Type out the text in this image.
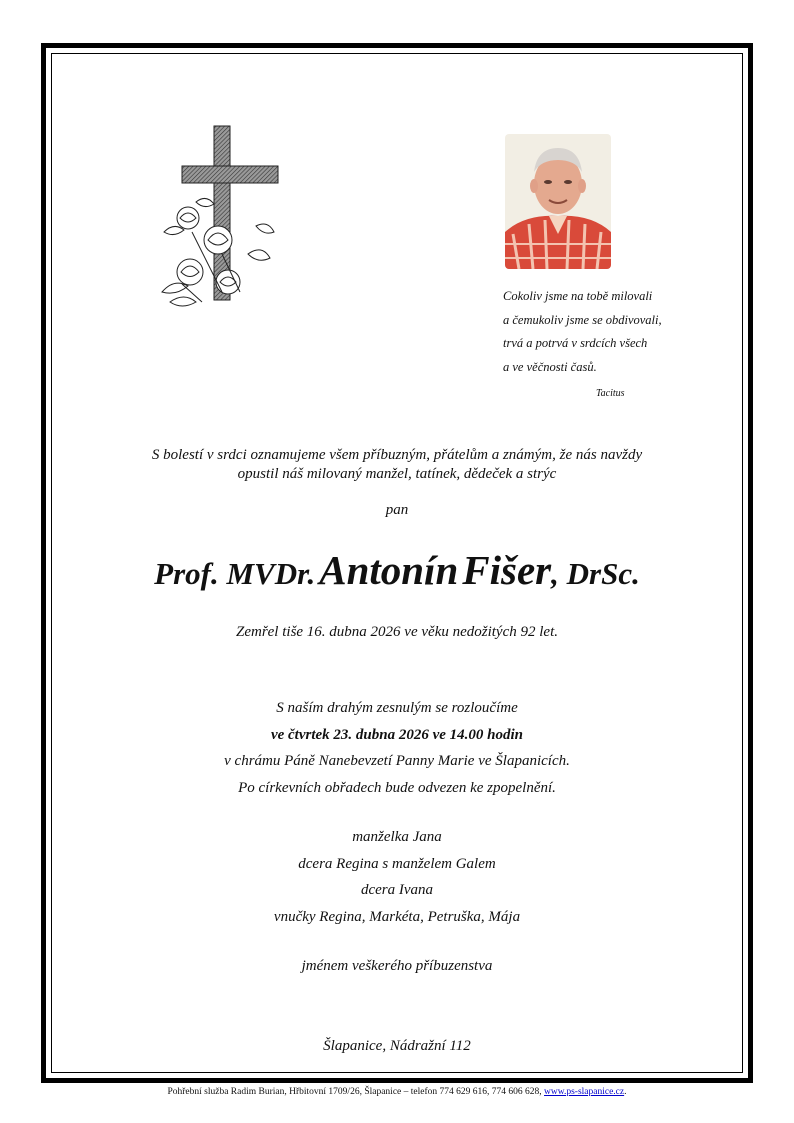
Cokoliv jsme na tobě milovali
a čemukoliv jsme se obdivovali,
trvá a potrvá v srdcích všech
a ve věčnosti časů.
Tacitus
S bolestí v srdci oznamujeme všem příbuzným, přátelům a známým, že nás navždy
opustil náš milovaný manžel, tatínek, dědeček a strýc
pan
Prof. MVDr. Antonín Fišer, DrSc.
Zemřel tiše 16. dubna 2026 ve věku nedožitých 92 let.
S naším drahým zesnulým se rozloučíme
ve čtvrtek 23. dubna 2026 ve 14.00 hodin
v chrámu Páně Nanebevzetí Panny Marie ve Šlapanicích.
Po církevních obřadech bude odvezen ke zpopelnění.
manželka Jana
dcera Regina s manželem Galem
dcera Ivana
vnučky Regina, Markéta, Petruška, Mája
jménem veškerého příbuzenstva
Šlapanice, Nádražní 112
Pohřební služba Radim Burian, Hřbitovní 1709/26, Šlapanice – telefon 774 629 616, 774 606 628, www.ps-slapanice.cz.
